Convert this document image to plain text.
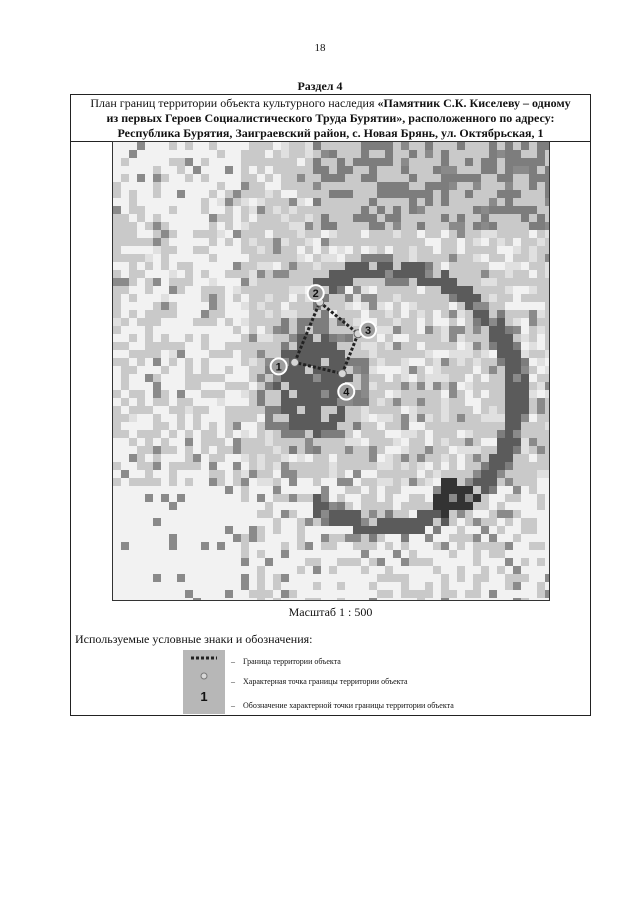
18
Раздел 4
План границ территории объекта культурного наследия «Памятник С.К. Киселеву – одному
из первых Героев Социалистического Труда Бурятии», расположенного по адресу:
Республика Бурятия, Заиграевский район, с. Новая Брянь, ул. Октябрьская, 1
1
2
3
4
Масштаб 1 : 500
Используемые условные знаки и обозначения:
1
– Граница территории объекта
– Характерная точка границы территории объекта
– Обозначение характерной точки границы территории объекта
